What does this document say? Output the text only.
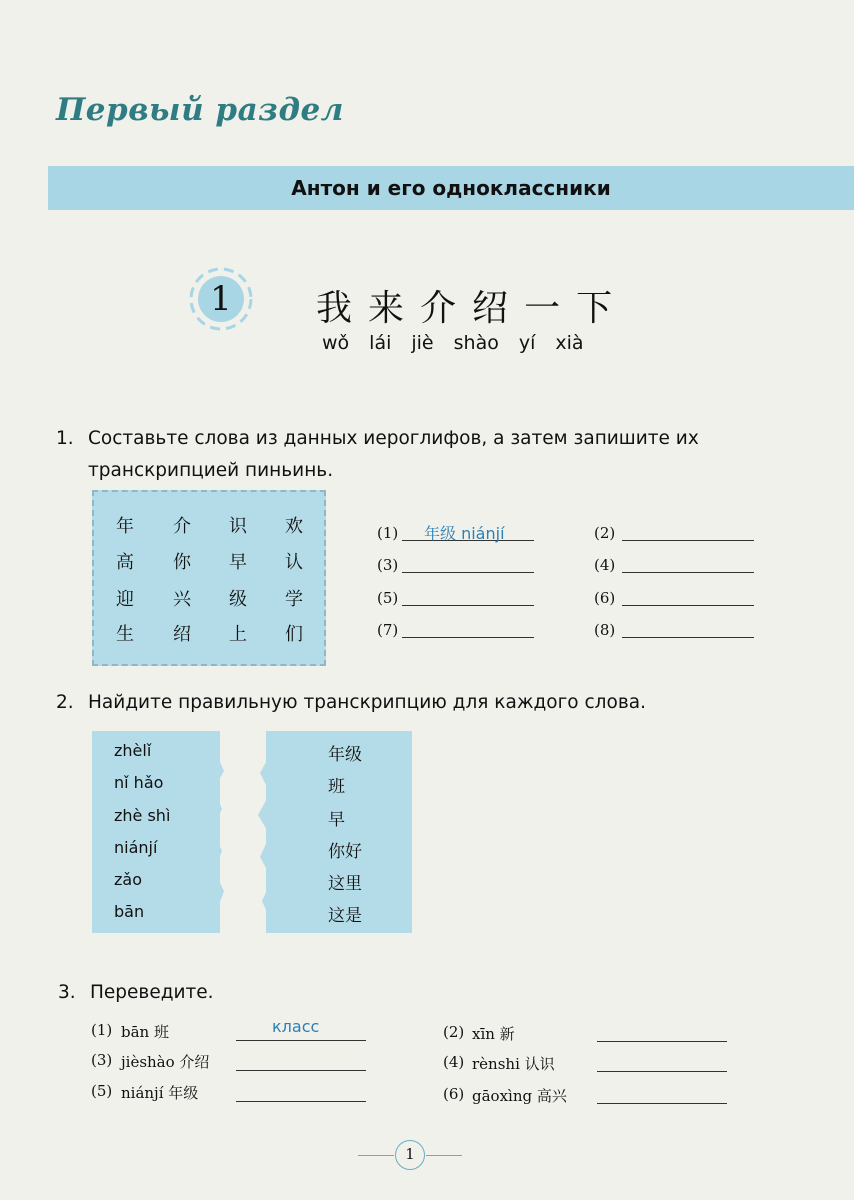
Первый раздел
Антон и его одноклассники
1	我 来 介 绍 一 下
wǒ lái jiè shào yí xià
1. Составьте слова из данных иероглифов, а затем запишите их
транскрипцией пиньинь.
年	介	识	欢
高	你	早	认
迎	兴	级	学
生	绍	上	们
(1) 年级 niánjí	(2)
(3)	(4)
(5)	(6)
(7)	(8)
2. Найдите правильную транскрипцию для каждого слова.
zhèlǐ
nǐ hǎo
zhè shì
niánjí
zǎo
bān
年级
班
早
你好
这里
这是
3. Переведите.
(1) bān 班	класс	(2) xīn 新
(3) jièshào 介绍	(4) rènshi 认识
(5) niánjí 年级	(6) gāoxìng 高兴
1
